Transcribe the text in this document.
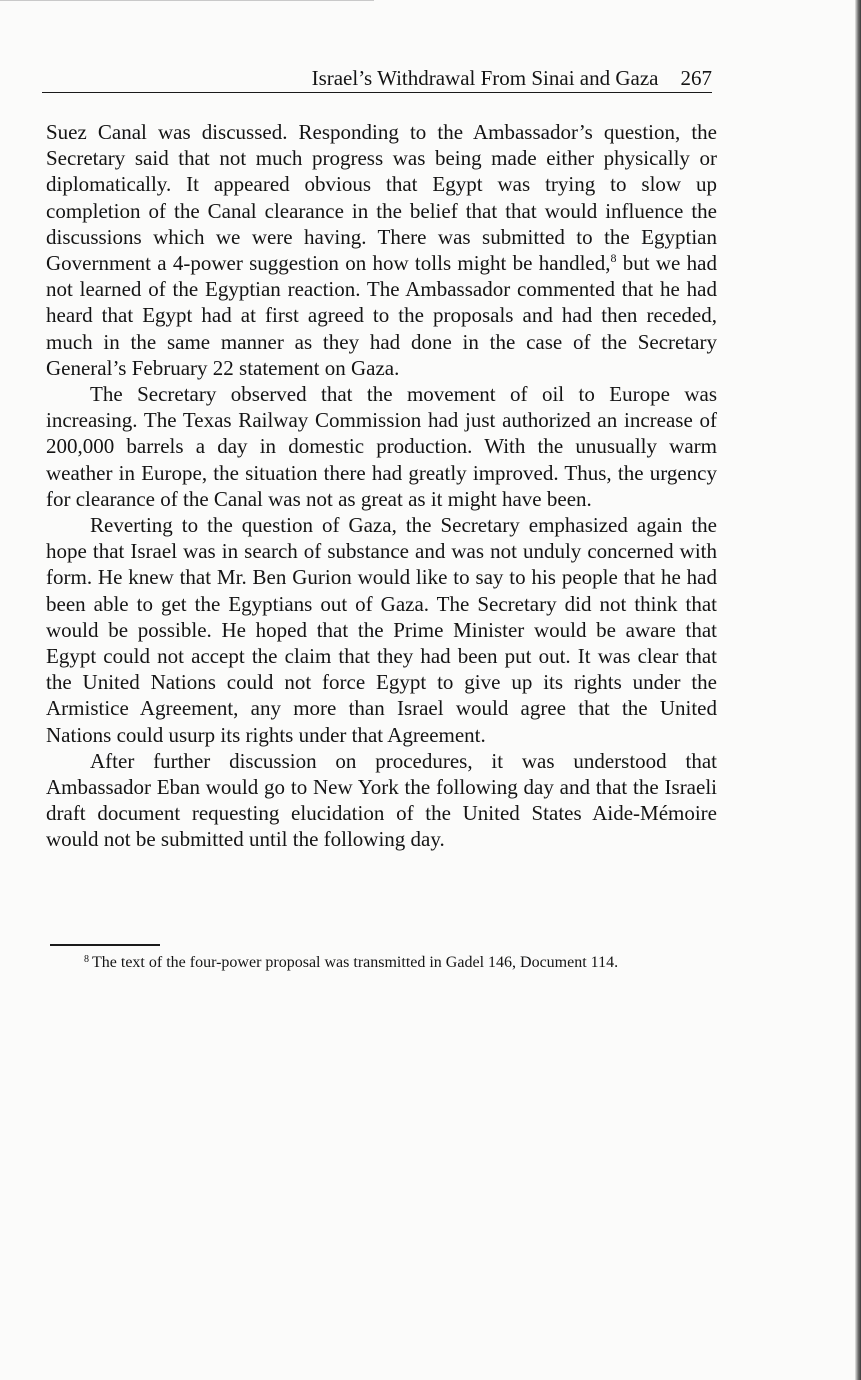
Israel’s Withdrawal From Sinai and Gaza 267

Suez Canal was discussed. Responding to the Ambassador’s question, the Secretary said that not much progress was being made either physically or diplomatically. It appeared obvious that Egypt was trying to slow up completion of the Canal clearance in the belief that that would influence the discussions which we were having. There was submitted to the Egyptian Government a 4-power suggestion on how tolls might be handled,$^8$ but we had not learned of the Egyptian reaction. The Ambassador commented that he had heard that Egypt had at first agreed to the proposals and had then receded, much in the same manner as they had done in the case of the Secretary General’s February 22 statement on Gaza.

The Secretary observed that the movement of oil to Europe was increasing. The Texas Railway Commission had just authorized an increase of 200,000 barrels a day in domestic production. With the unusually warm weather in Europe, the situation there had greatly improved. Thus, the urgency for clearance of the Canal was not as great as it might have been.

Reverting to the question of Gaza, the Secretary emphasized again the hope that Israel was in search of substance and was not unduly concerned with form. He knew that Mr. Ben Gurion would like to say to his people that he had been able to get the Egyptians out of Gaza. The Secretary did not think that would be possible. He hoped that the Prime Minister would be aware that Egypt could not accept the claim that they had been put out. It was clear that the United Nations could not force Egypt to give up its rights under the Armistice Agreement, any more than Israel would agree that the United Nations could usurp its rights under that Agreement.

After further discussion on procedures, it was understood that Ambassador Eban would go to New York the following day and that the Israeli draft document requesting elucidation of the United States Aide-Mémoire would not be submitted until the following day.

$^8$ The text of the four-power proposal was transmitted in Gadel 146, Document 114.
